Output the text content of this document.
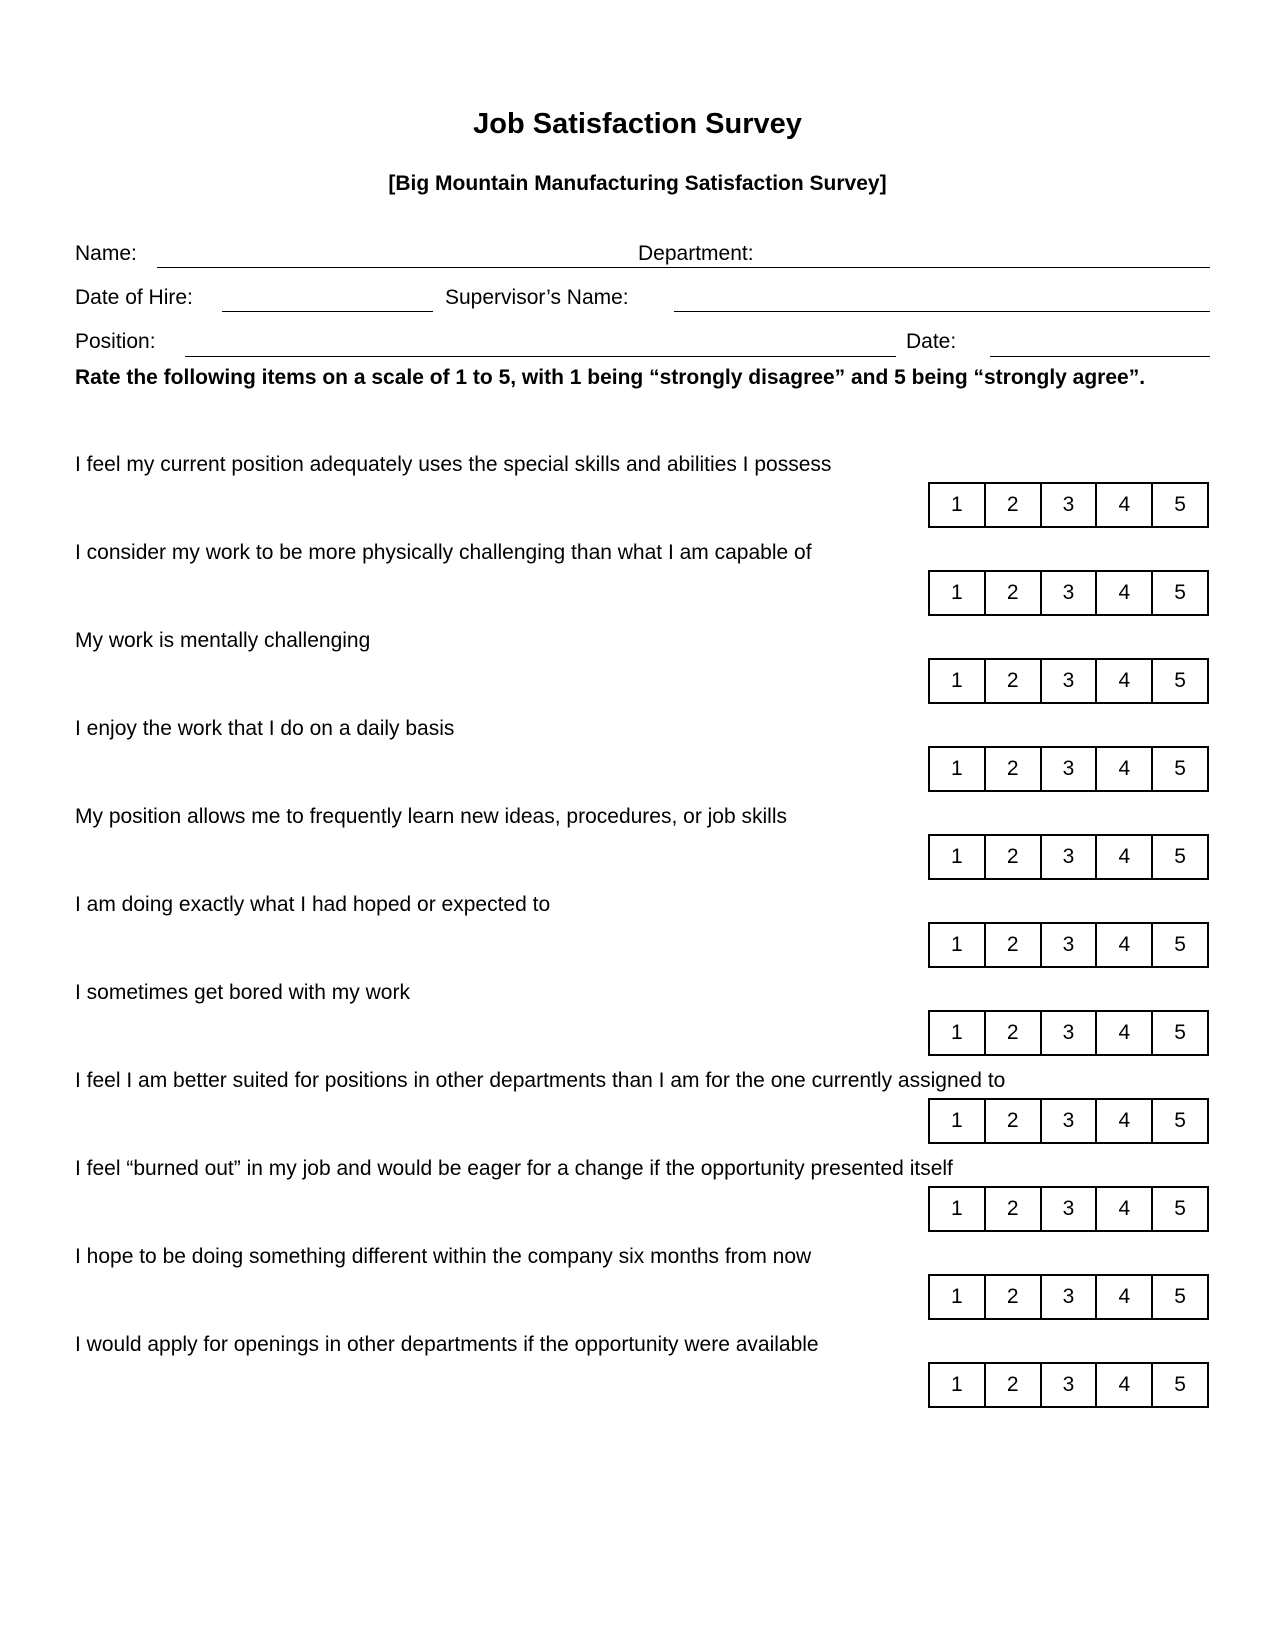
Job Satisfaction Survey
[Big Mountain Manufacturing Satisfaction Survey]
Name:	Department:
Date of Hire:	Supervisor’s Name:
Position:	Date:
Rate the following items on a scale of 1 to 5, with 1 being “strongly disagree” and 5 being “strongly agree”.
I feel my current position adequately uses the special skills and abilities I possess
1	2	3	4	5
I consider my work to be more physically challenging than what I am capable of
1	2	3	4	5
My work is mentally challenging
1	2	3	4	5
I enjoy the work that I do on a daily basis
1	2	3	4	5
My position allows me to frequently learn new ideas, procedures, or job skills
1	2	3	4	5
I am doing exactly what I had hoped or expected to
1	2	3	4	5
I sometimes get bored with my work
1	2	3	4	5
I feel I am better suited for positions in other departments than I am for the one currently assigned to
1	2	3	4	5
I feel “burned out” in my job and would be eager for a change if the opportunity presented itself
1	2	3	4	5
I hope to be doing something different within the company six months from now
1	2	3	4	5
I would apply for openings in other departments if the opportunity were available
1	2	3	4	5
